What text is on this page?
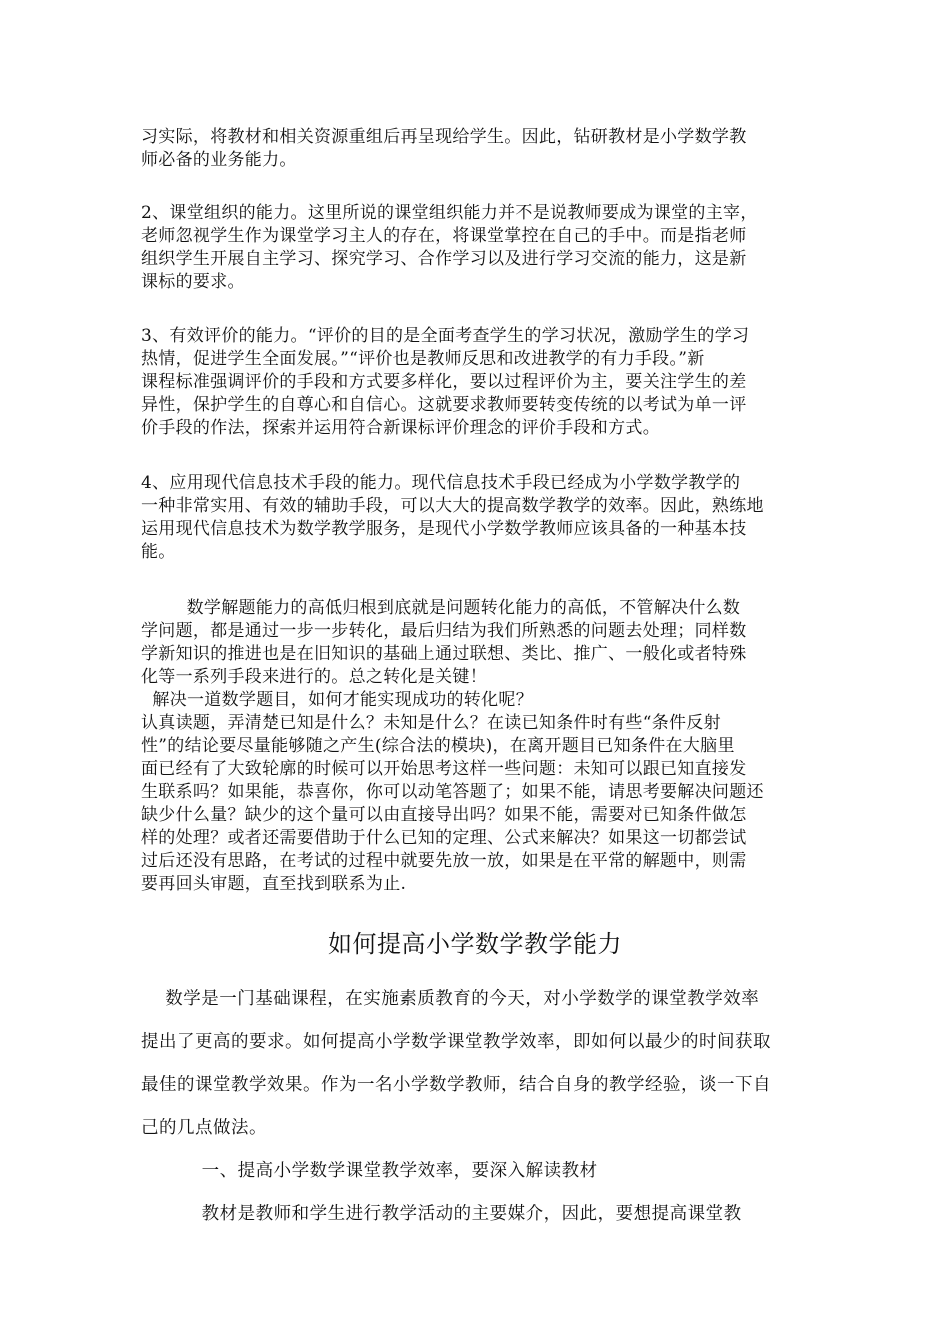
习实际，将教材和相关资源重组后再呈现给学生。因此，钻研教材是小学数学教
师必备的业务能力。
2、课堂组织的能力。这里所说的课堂组织能力并不是说教师要成为课堂的主宰，
老师忽视学生作为课堂学习主人的存在，将课堂掌控在自己的手中。而是指老师
组织学生开展自主学习、探究学习、合作学习以及进行学习交流的能力，这是新
课标的要求。
3、有效评价的能力。“评价的目的是全面考查学生的学习状况，激励学生的学习
热情，促进学生全面发展。”“评价也是教师反思和改进教学的有力手段。”新
课程标准强调评价的手段和方式要多样化，要以过程评价为主，要关注学生的差
异性，保护学生的自尊心和自信心。这就要求教师要转变传统的以考试为单一评
价手段的作法，探索并运用符合新课标评价理念的评价手段和方式。
4、应用现代信息技术手段的能力。现代信息技术手段已经成为小学数学教学的
一种非常实用、有效的辅助手段，可以大大的提高数学教学的效率。因此，熟练地
运用现代信息技术为数学教学服务，是现代小学数学教师应该具备的一种基本技
能。
数学解题能力的高低归根到底就是问题转化能力的高低，不管解决什么数
学问题，都是通过一步一步转化，最后归结为我们所熟悉的问题去处理；同样数
学新知识的推进也是在旧知识的基础上通过联想、类比、推广、一般化或者特殊
化等一系列手段来进行的。总之转化是关键！
解决一道数学题目，如何才能实现成功的转化呢？
认真读题，弄清楚已知是什么？未知是什么？在读已知条件时有些“条件反射
性”的结论要尽量能够随之产生(综合法的模块)，在离开题目已知条件在大脑里
面已经有了大致轮廓的时候可以开始思考这样一些问题：未知可以跟已知直接发
生联系吗？如果能，恭喜你，你可以动笔答题了；如果不能，请思考要解决问题还
缺少什么量？缺少的这个量可以由直接导出吗？如果不能，需要对已知条件做怎
样的处理？或者还需要借助于什么已知的定理、公式来解决？如果这一切都尝试
过后还没有思路，在考试的过程中就要先放一放，如果是在平常的解题中，则需
要再回头审题，直至找到联系为止.
如何提高小学数学教学能力
数学是一门基础课程，在实施素质教育的今天，对小学数学的课堂教学效率
提出了更高的要求。如何提高小学数学课堂教学效率，即如何以最少的时间获取
最佳的课堂教学效果。作为一名小学数学教师，结合自身的教学经验，谈一下自
己的几点做法。
一、提高小学数学课堂教学效率，要深入解读教材
教材是教师和学生进行教学活动的主要媒介，因此，要想提高课堂教
